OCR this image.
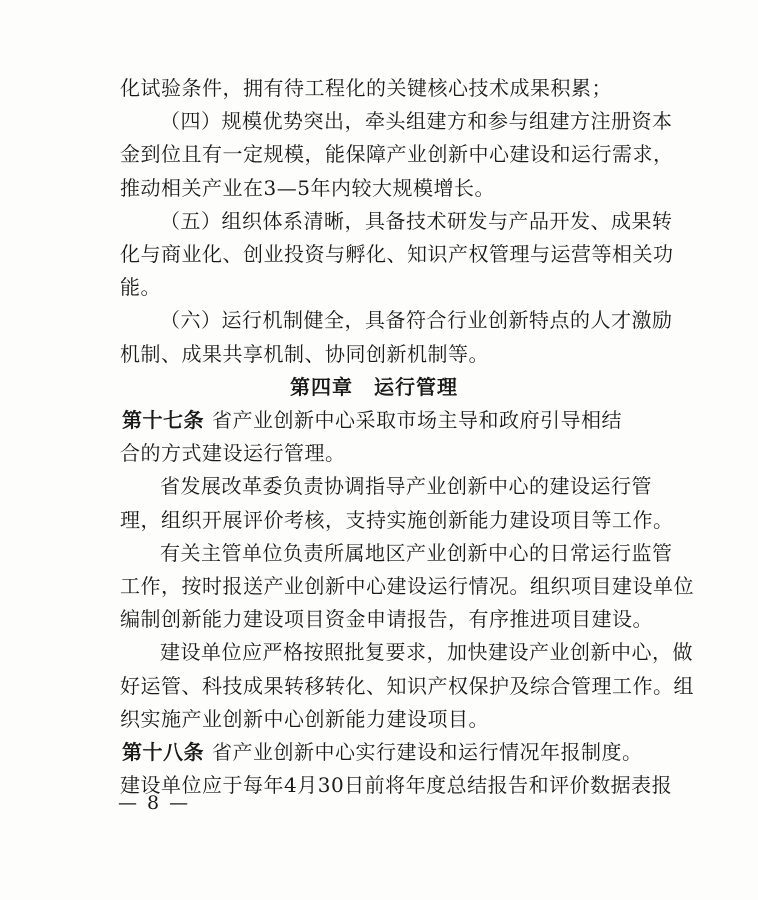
化试验条件，拥有待工程化的关键核心技术成果积累；
（四）规模优势突出，牵头组建方和参与组建方注册资本
金到位且有一定规模，能保障产业创新中心建设和运行需求，
推动相关产业在3—5年内较大规模增长。
（五）组织体系清晰，具备技术研发与产品开发、成果转
化与商业化、创业投资与孵化、知识产权管理与运营等相关功
能。
（六）运行机制健全，具备符合行业创新特点的人才激励
机制、成果共享机制、协同创新机制等。
第四章　运行管理
第十七条 省产业创新中心采取市场主导和政府引导相结
合的方式建设运行管理。
省发展改革委负责协调指导产业创新中心的建设运行管
理，组织开展评价考核，支持实施创新能力建设项目等工作。
有关主管单位负责所属地区产业创新中心的日常运行监管
工作，按时报送产业创新中心建设运行情况。组织项目建设单位
编制创新能力建设项目资金申请报告，有序推进项目建设。
建设单位应严格按照批复要求，加快建设产业创新中心，做
好运管、科技成果转移转化、知识产权保护及综合管理工作。组
织实施产业创新中心创新能力建设项目。
第十八条 省产业创新中心实行建设和运行情况年报制度。
建设单位应于每年4月30日前将年度总结报告和评价数据表报
— 8 —
